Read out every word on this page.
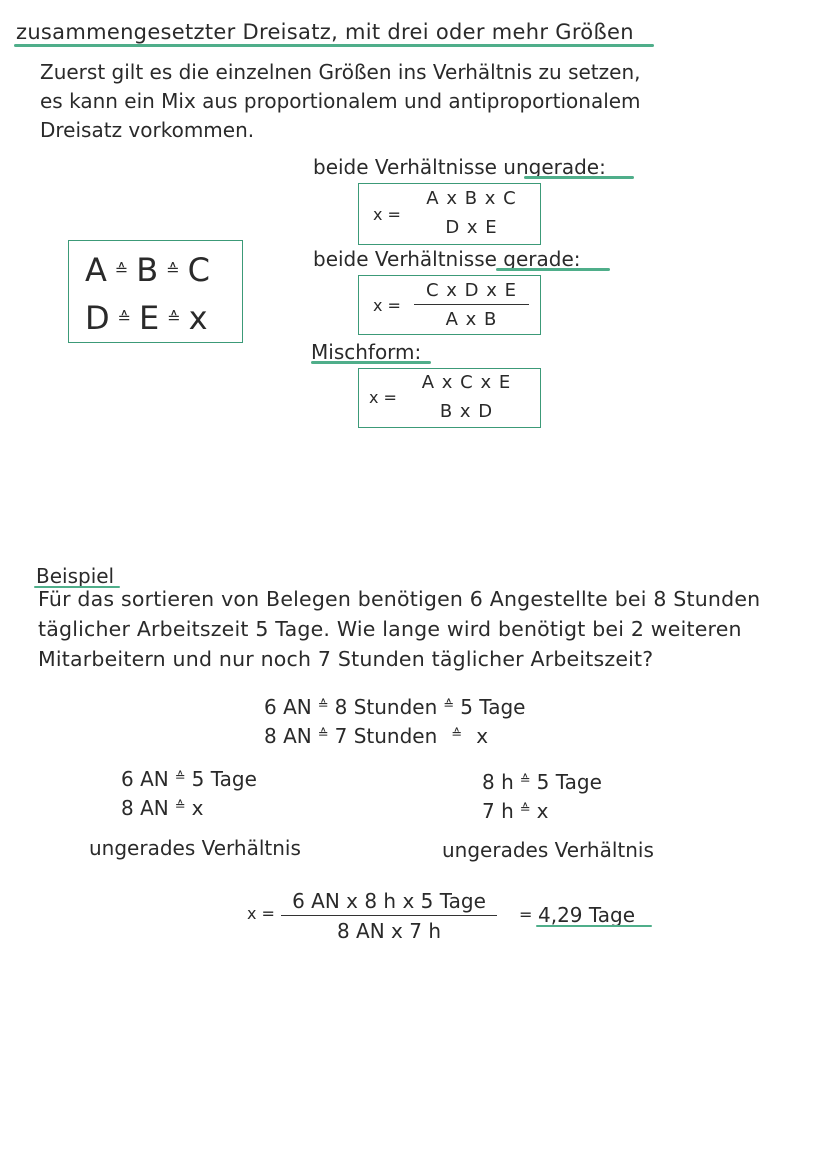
zusammengesetzter Dreisatz, mit drei oder mehr Größen
Zuerst gilt es die einzelnen Größen ins Verhältnis zu setzen,
es kann ein Mix aus proportionalem und antiproportionalem
Dreisatz vorkommen.
A ≙ B ≙ C
D ≙ E ≙ x
beide Verhältnisse ungerade:
x =
A x B x C
D x E
beide Verhältnisse gerade:
x =
C x D x E
A x B
Mischform:
x =
A x C x E
B x D
Beispiel
Für das sortieren von Belegen benötigen 6 Angestellte bei 8 Stunden
täglicher Arbeitszeit 5 Tage. Wie lange wird benötigt bei 2 weiteren
Mitarbeitern und nur noch 7 Stunden täglicher Arbeitszeit?
6 AN ≙ 8 Stunden ≙ 5 Tage
8 AN ≙ 7 Stunden ≙ x
6 AN ≙ 5 Tage
8 AN ≙ x
ungerades Verhältnis
8 h ≙ 5 Tage
7 h ≙ x
ungerades Verhältnis
x =
6 AN x 8 h x 5 Tage
8 AN x 7 h
= 4,29 Tage
